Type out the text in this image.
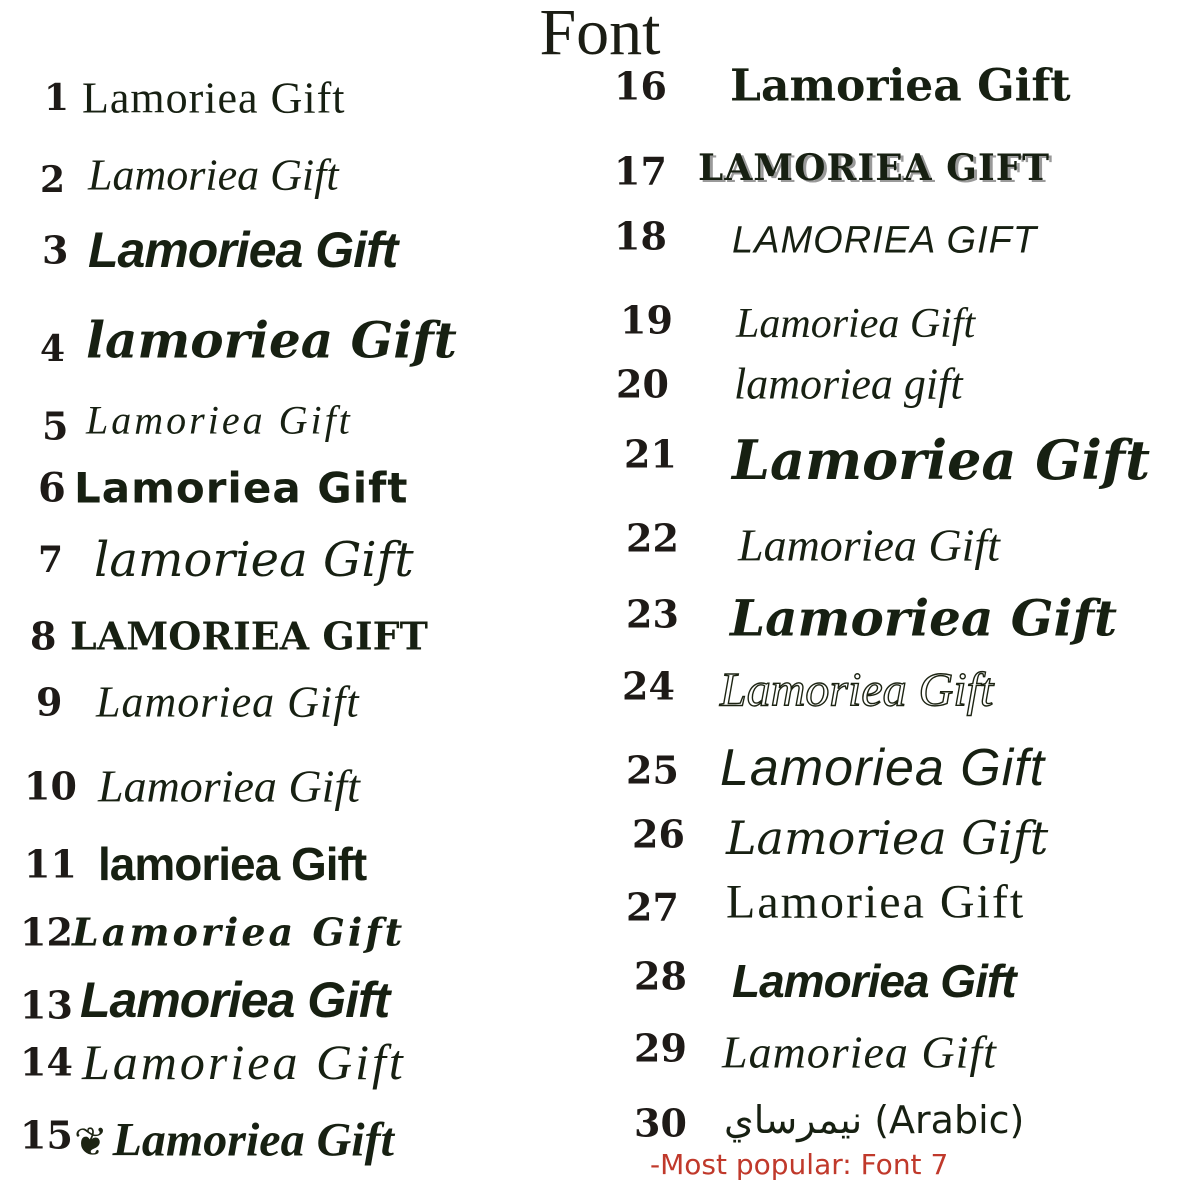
Font
1 Lamoriea Gift
2 Lamoriea Gift
3 Lamoriea Gift
4 lamoriea Gift
5 Lamoriea Gift
6 Lamoriea Gift
7 lamoriea Gift
8 LAMORIEA GIFT
9 Lamoriea Gift
10 Lamoriea Gift
11 lamoriea Gift
12 Lamoriea Gift
13 Lamoriea Gift
14 Lamoriea Gift
15 ❦ Lamoriea Gift
16 Lamoriea Gift
17 LAMORIEA GIFT
18 LAMORIEA GIFT
19 Lamoriea Gift
20 lamoriea gift
21 Lamoriea Gift
22 Lamoriea Gift
23 Lamoriea Gift
24 Lamoriea Gift
25 Lamoriea Gift
26 Lamoriea Gift
27 Lamoriea Gift
28 Lamoriea Gift
29 Lamoriea Gift
30 نيمرساي (Arabic)
-Most popular: Font 7
